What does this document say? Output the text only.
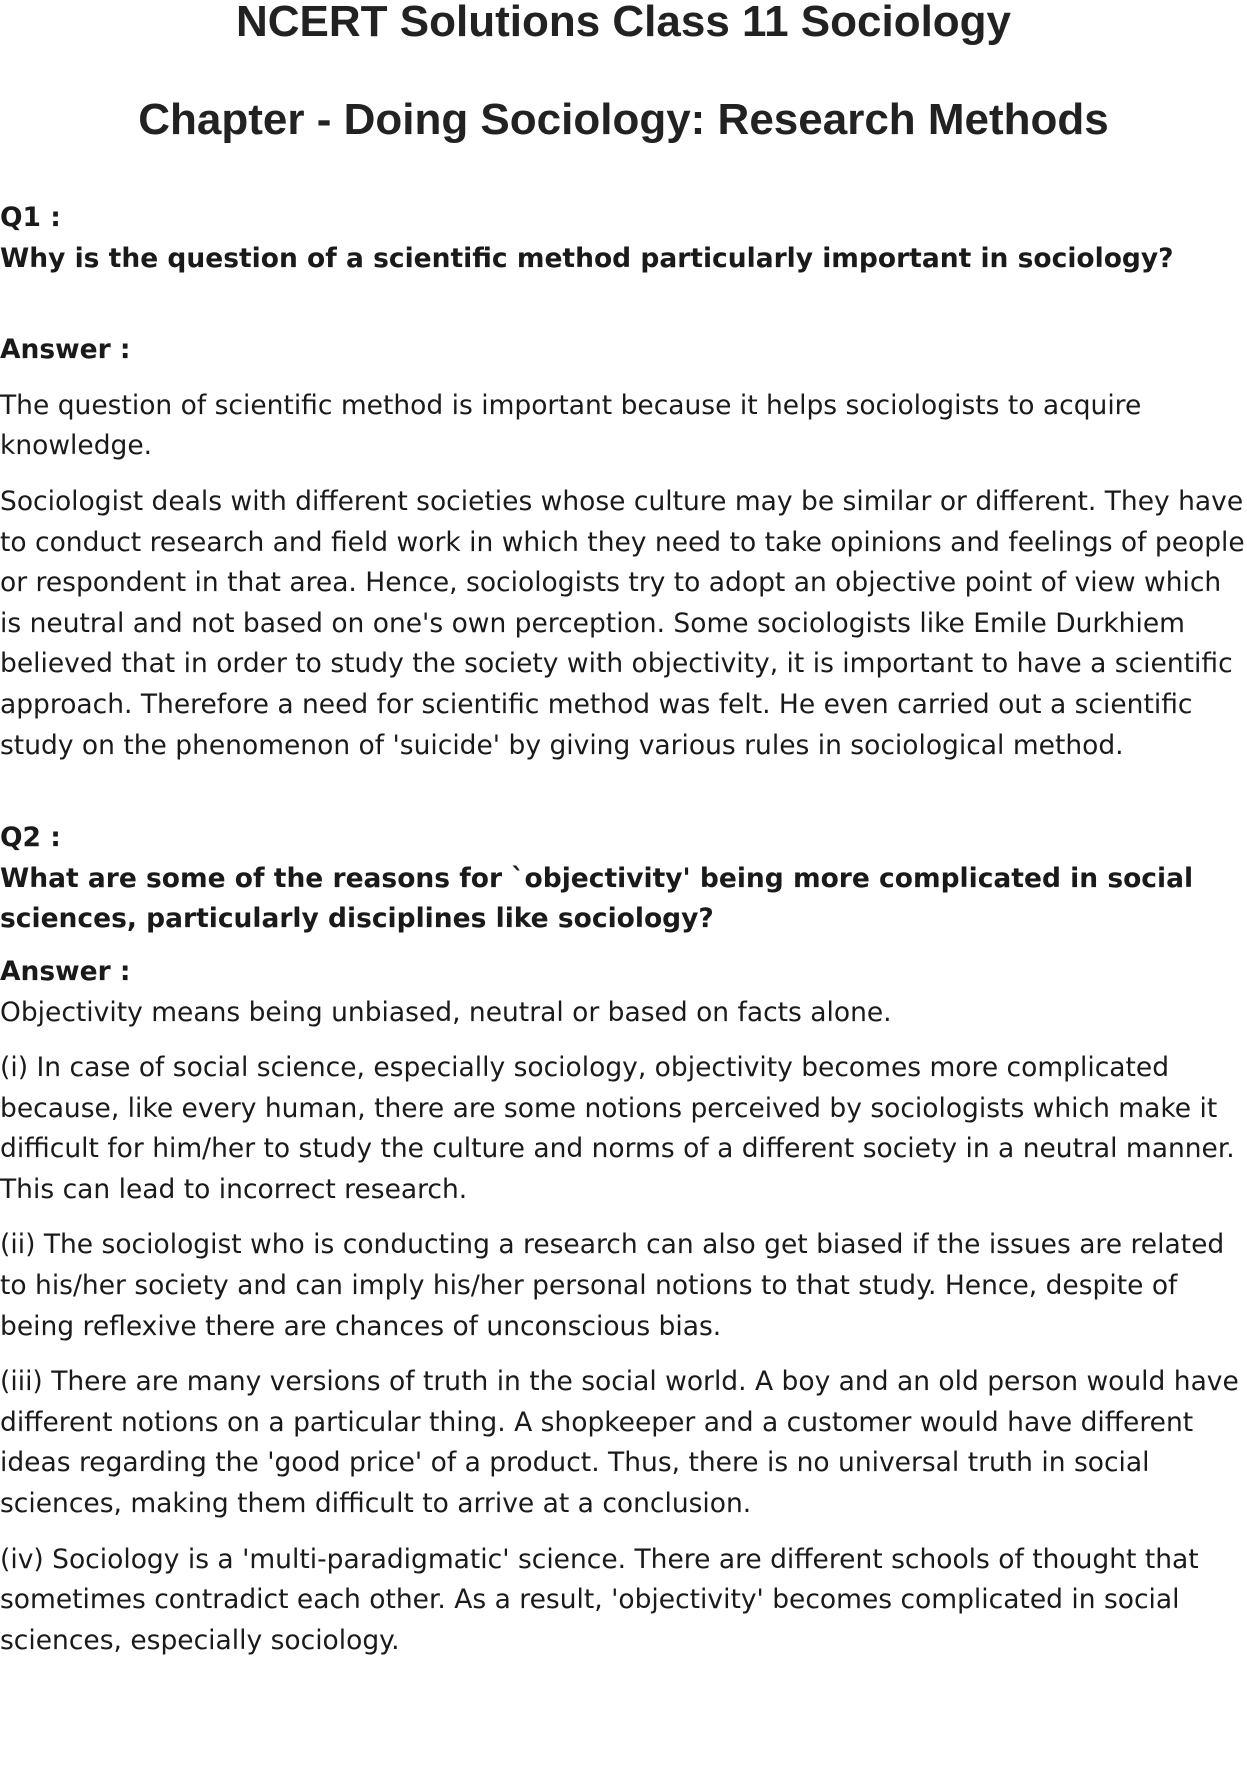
NCERT Solutions Class 11 Sociology
Chapter - Doing Sociology: Research Methods

Q1 :

Why is the question of a scientific method particularly important in sociology?

Answer :

The question of scientific method is important because it helps sociologists to acquire knowledge.

Sociologist deals with different societies whose culture may be similar or different. They have to conduct research and field work in which they need to take opinions and feelings of people or respondent in that area. Hence, sociologists try to adopt an objective point of view which is neutral and not based on one's own perception. Some sociologists like Emile Durkhiem believed that in order to study the society with objectivity, it is important to have a scientific approach. Therefore a need for scientific method was felt. He even carried out a scientific study on the phenomenon of 'suicide' by giving various rules in sociological method.

Q2 :

What are some of the reasons for `objectivity' being more complicated in social sciences, particularly disciplines like sociology?

Answer :

Objectivity means being unbiased, neutral or based on facts alone.

(i) In case of social science, especially sociology, objectivity becomes more complicated because, like every human, there are some notions perceived by sociologists which make it difficult for him/her to study the culture and norms of a different society in a neutral manner. This can lead to incorrect research.

(ii) The sociologist who is conducting a research can also get biased if the issues are related to his/her society and can imply his/her personal notions to that study. Hence, despite of being reflexive there are chances of unconscious bias.

(iii) There are many versions of truth in the social world. A boy and an old person would have different notions on a particular thing. A shopkeeper and a customer would have different ideas regarding the 'good price' of a product. Thus, there is no universal truth in social sciences, making them difficult to arrive at a conclusion.

(iv) Sociology is a 'multi-paradigmatic' science. There are different schools of thought that sometimes contradict each other. As a result, 'objectivity' becomes complicated in social sciences, especially sociology.
